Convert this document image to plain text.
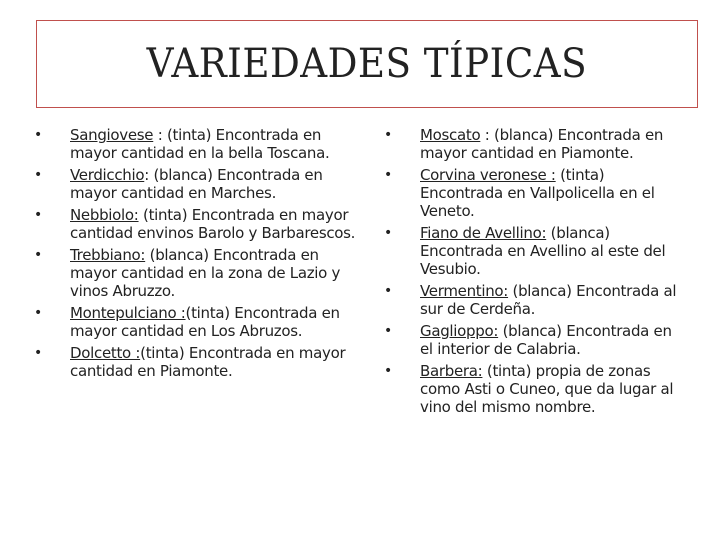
VARIEDADES TÍPICAS
• Sangiovese : (tinta) Encontrada en mayor cantidad en la bella Toscana.
• Verdicchio: (blanca) Encontrada en mayor cantidad en Marches.
• Nebbiolo: (tinta) Encontrada en mayor cantidad envinos Barolo y Barbarescos.
• Trebbiano: (blanca) Encontrada en mayor cantidad en la zona de Lazio y vinos Abruzzo.
• Montepulciano :(tinta) Encontrada en mayor cantidad en Los Abruzos.
• Dolcetto :(tinta) Encontrada en mayor cantidad en Piamonte.
• Moscato : (blanca) Encontrada en mayor cantidad en Piamonte.
• Corvina veronese : (tinta) Encontrada en Vallpolicella en el Veneto.
• Fiano de Avellino: (blanca) Encontrada en Avellino al este del Vesubio.
• Vermentino: (blanca) Encontrada al sur de Cerdeña.
• Gaglioppo: (blanca) Encontrada en el interior de Calabria.
• Barbera: (tinta) propia de zonas como Asti o Cuneo, que da lugar al vino del mismo nombre.
